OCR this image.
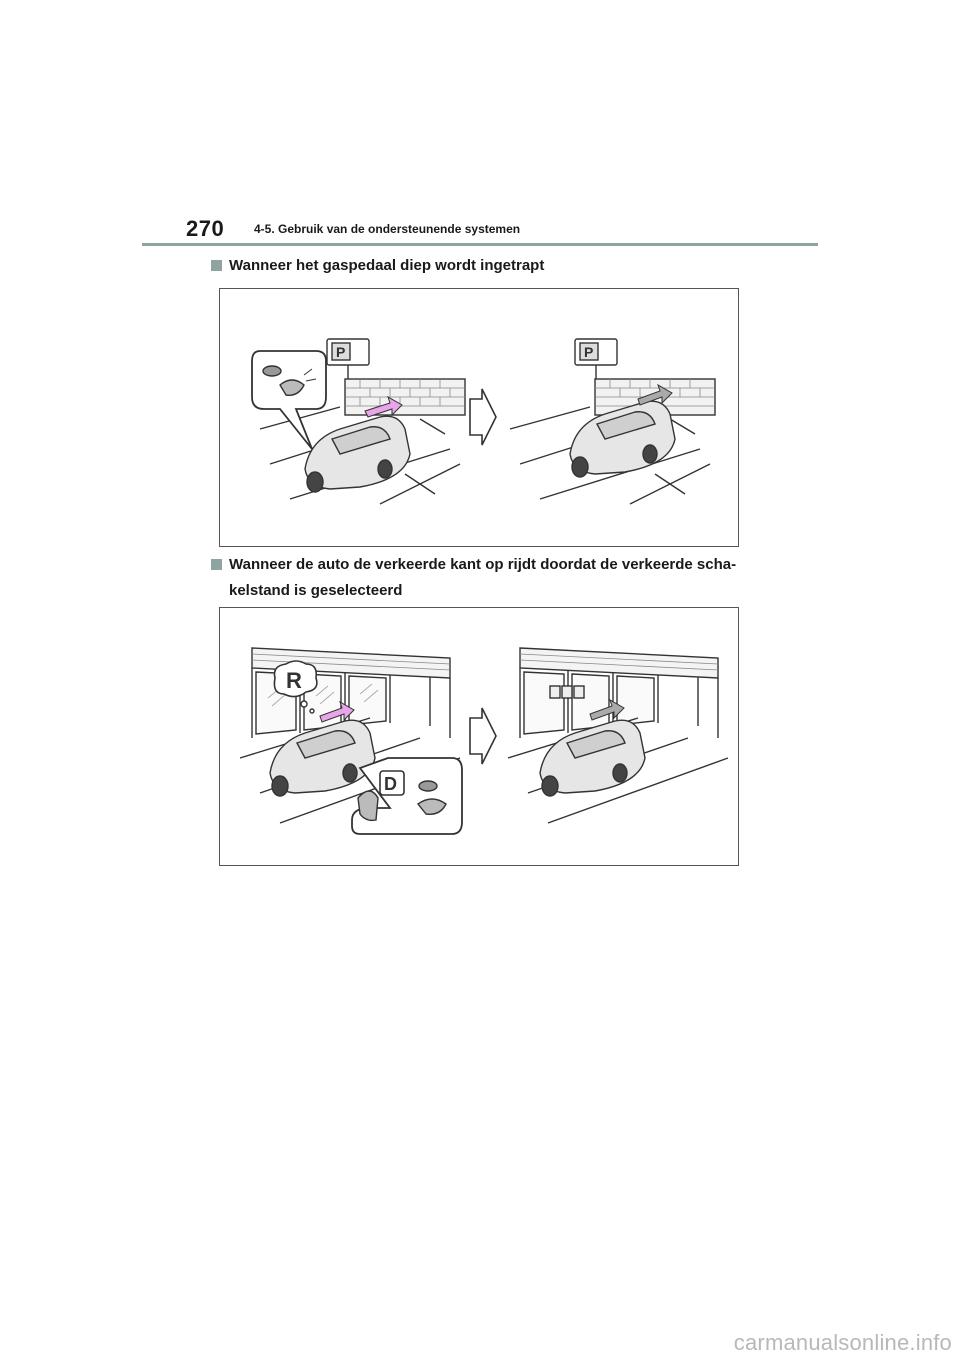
270 4-5. Gebruik van de ondersteunende systemen
Wanneer het gaspedaal diep wordt ingetrapt
P	P
Wanneer de auto de verkeerde kant op rijdt doordat de verkeerde scha-kelstand is geselecteerd
R
D
carmanualsonline.info
